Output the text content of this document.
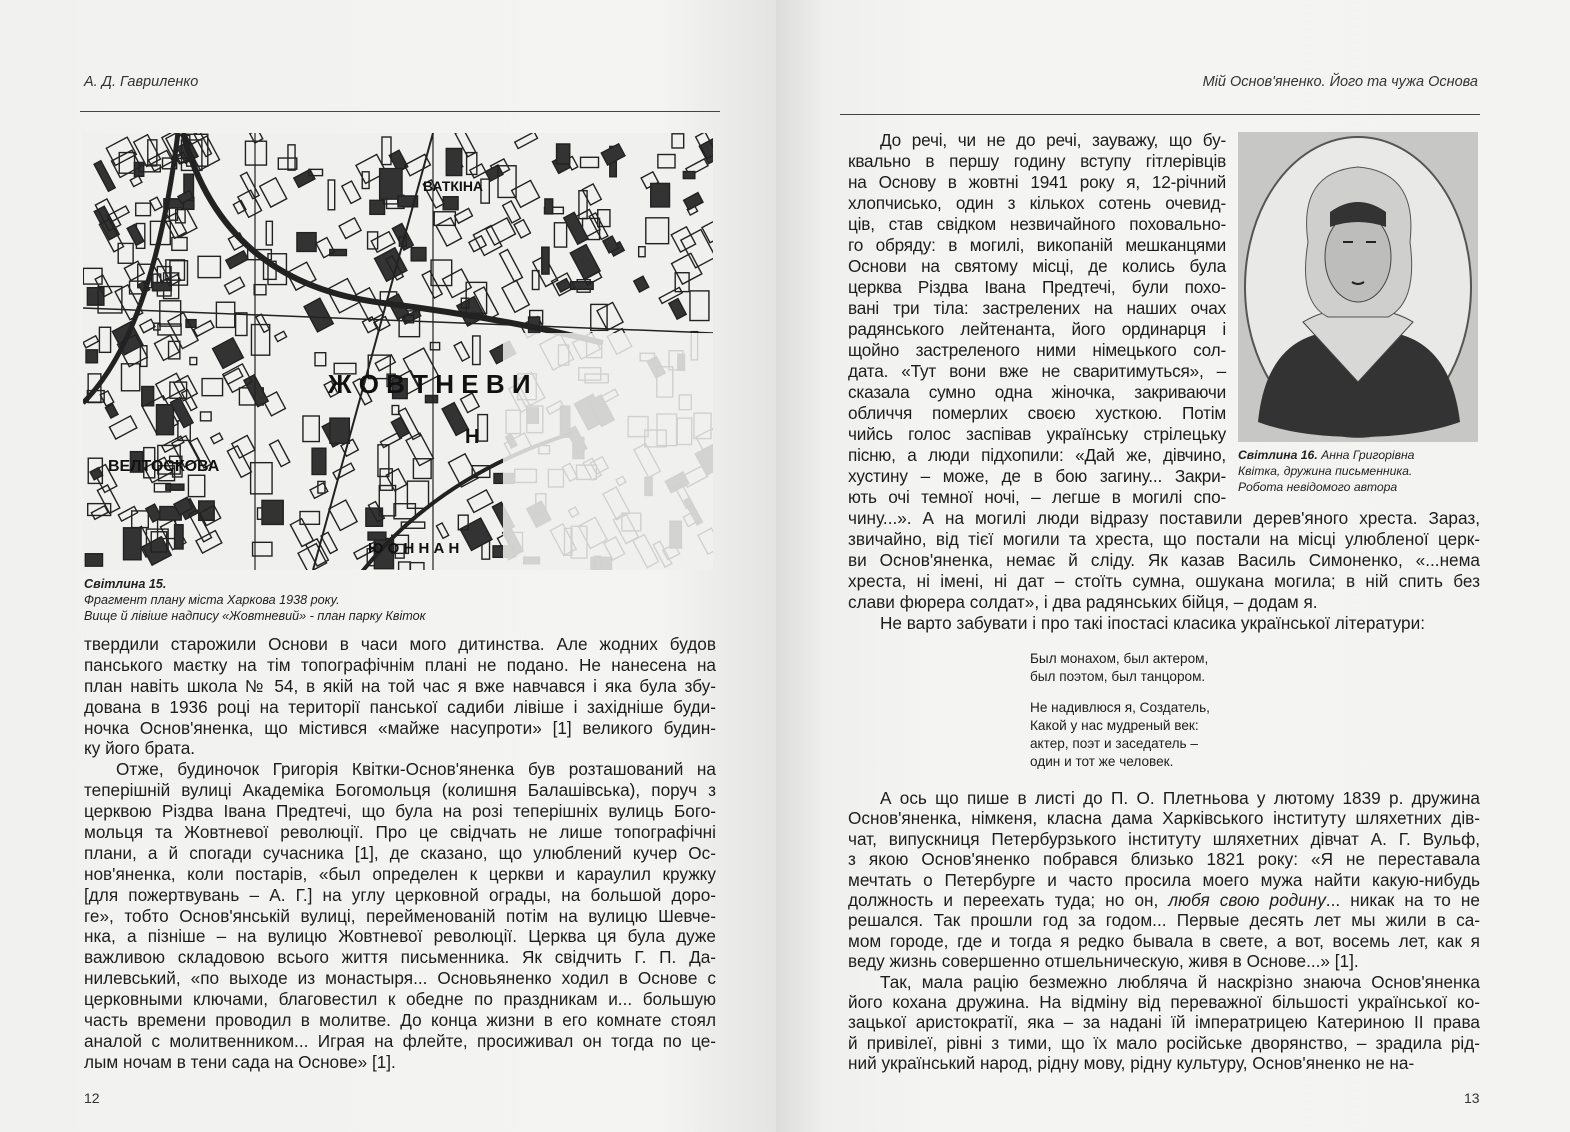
А. Д. Гавриленко
ВАТКІНА
Ж О В Т Н Е В И
Н
ВЕЛТОСКОВА
Ю О Н Н А Н
Світлина 15.
Фрагмент плану міста Харкова 1938 року.
Вище й лівіше надпису «Жовтневий» - план парку Квіток
твердили старожили Основи в часи мого дитинства. Але жодних будов
панського маєтку на тім топографічнім плані не подано. Не нанесена на
план навіть школа № 54, в якій на той час я вже навчався і яка була збу-
дована в 1936 році на території панської садиби лівіше і західніше буди-
ночка Основ'яненка, що містився «майже насупроти» [1] великого будин-
ку його брата.
Отже, будиночок Григорія Квітки-Основ'яненка був розташований на
теперішній вулиці Академіка Богомольця (колишня Балашівська), поруч з
церквою Різдва Івана Предтечі, що була на розі теперішніх вулиць Бого-
мольця та Жовтневої революції. Про це свідчать не лише топографічні
плани, а й спогади сучасника [1], де сказано, що улюблений кучер Ос-
нов'яненка, коли постарів, «был определен к церкви и караулил кружку
[для пожертвувань – А. Г.] на углу церковной ограды, на большой доро-
ге», тобто Основ'янській вулиці, перейменованій потім на вулицю Шевче-
нка, а пізніше – на вулицю Жовтневої революції. Церква ця була дуже
важливою складовою всього життя письменника. Як свідчить Г. П. Да-
нилевський, «по выходе из монастыря... Основьяненко ходил в Основе с
церковными ключами, благовестил к обедне по праздникам и... большую
часть времени проводил в молитве. До конца жизни в его комнате стоял
аналой с молитвенником... Играя на флейте, просиживал он тогда по це-
лым ночам в тени сада на Основе» [1].
12
Мій Основ'яненко. Його та чужа Основа
До речі, чи не до речі, зауважу, що бу-
квально в першу годину вступу гітлерівців
на Основу в жовтні 1941 року я, 12-річний
хлопчисько, один з кількох сотень очевид-
ців, став свідком незвичайного поховально-
го обряду: в могилі, викопаній мешканцями
Основи на святому місці, де колись була
церква Різдва Івана Предтечі, були похо-
вані три тіла: застрелених на наших очах
радянського лейтенанта, його ординарця і
щойно застреленого ними німецького сол-
дата. «Тут вони вже не сваритимуться», –
сказала сумно одна жіночка, закриваючи
обличчя померлих своєю хусткою. Потім
чийсь голос заспівав українську стрілецьку
пісню, а люди підхопили: «Дай же, дівчино,
хустину – може, де в бою загину... Закри-
ють очі темної ночі, – легше в могилі спо-
Світлина 16. Анна Григорівна
Квітка, дружина письменника.
Робота невідомого автора
чину...». А на могилі люди відразу поставили дерев'яного хреста. Зараз,
звичайно, від тієї могили та хреста, що постали на місці улюбленої церк-
ви Основ'яненка, немає й сліду. Як казав Василь Симоненко, «...нема
хреста, ні імені, ні дат – стоїть сумна, ошукана могила; в ній спить без
слави фюрера солдат», і два радянських бійця, – додам я.
Не варто забувати і про такі іпостасі класика української літератури:
Был монахом, был актером,
был поэтом, был танцором.
Не надивлюся я, Создатель,
Какой у нас мудреный век:
актер, поэт и заседатель –
один и тот же человек.
А ось що пише в листі до П. О. Плетньова у лютому 1839 р. дружина
Основ'яненка, німкеня, класна дама Харківського інституту шляхетних дів-
чат, випускниця Петербурзького інституту шляхетних дівчат А. Г. Вульф,
з якою Основ'яненко побрався близько 1821 року: «Я не переставала
мечтать о Петербурге и часто просила моего мужа найти какую-нибудь
должность и переехать туда; но он, любя свою родину... никак на то не
решался. Так прошли год за годом... Первые десять лет мы жили в са-
мом городе, где и тогда я редко бывала в свете, а вот, восемь лет, как я
веду жизнь совершенно отшельническую, живя в Основе...» [1].
Так, мала рацію безмежно любляча й наскрізно знаюча Основ'яненка
його кохана дружина. На відміну від переважної більшості української ко-
зацької аристократії, яка – за надані їй імператрицею Катериною II права
й привілеї, рівні з тими, що їх мало російське дворянство, – зрадила рід-
ний український народ, рідну мову, рідну культуру, Основ'яненко не на-
13
